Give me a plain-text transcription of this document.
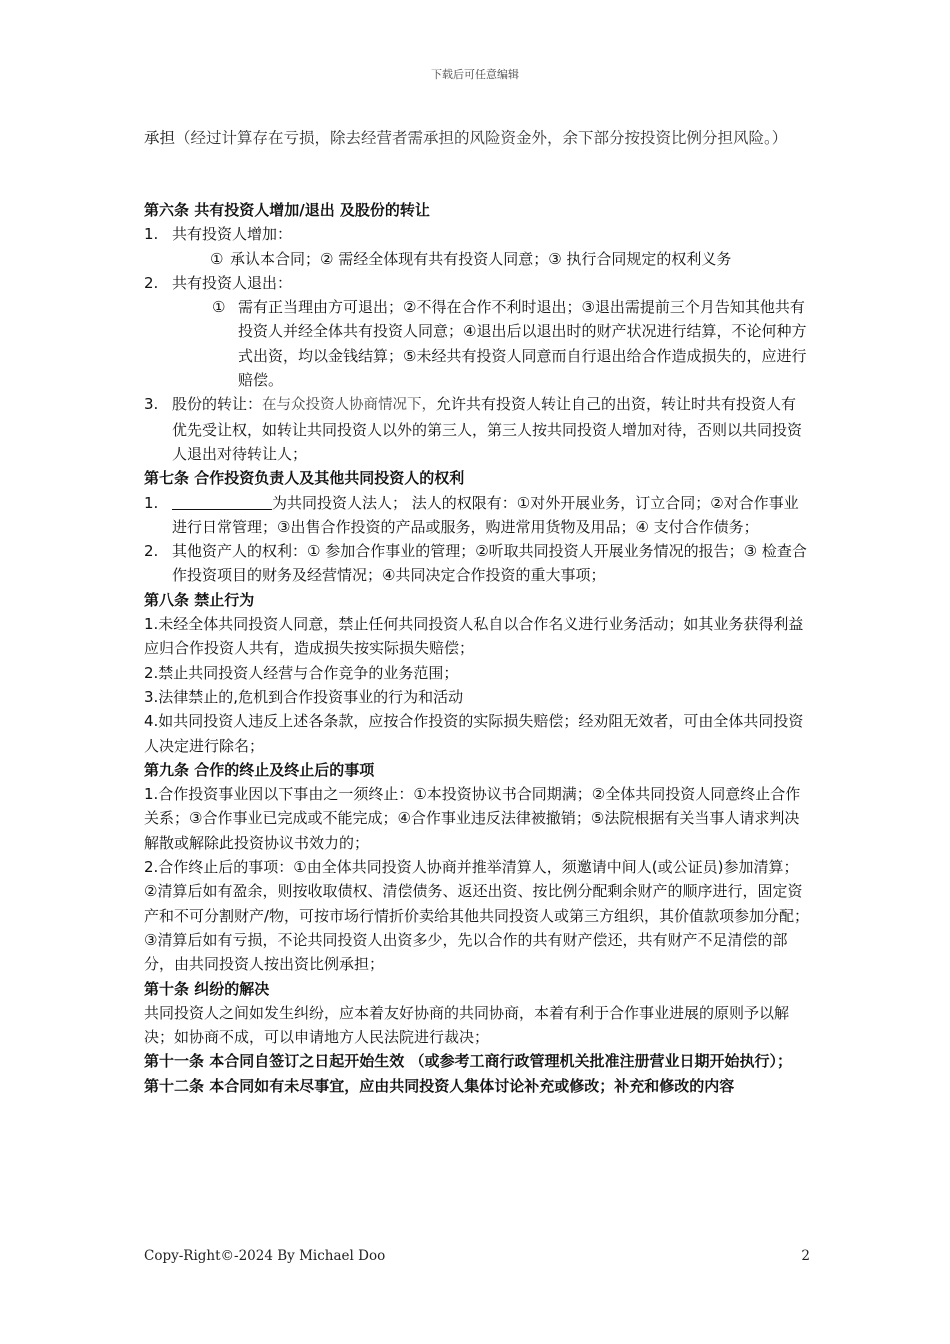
下载后可任意编辑

承担（经过计算存在亏损，除去经营者需承担的风险资金外，余下部分按投资比例分担风险。）

第六条 共有投资人增加/退出 及股份的转让

1. 共有投资人增加：

① 承认本合同；② 需经全体现有共有投资人同意；③ 执行合同规定的权利义务

2. 共有投资人退出：

① 需有正当理由方可退出；②不得在合作不利时退出；③退出需提前三个月告知其他共有投资人并经全体共有投资人同意；④退出后以退出时的财产状况进行结算，不论何种方式出资，均以金钱结算；⑤未经共有投资人同意而自行退出给合作造成损失的，应进行赔偿。

3. 股份的转让：在与众投资人协商情况下，允许共有投资人转让自己的出资，转让时共有投资人有优先受让权，如转让共同投资人以外的第三人，第三人按共同投资人增加对待，否则以共同投资人退出对待转让人；

第七条 合作投资负责人及其他共同投资人的权利

1.	为共同投资人法人； 法人的权限有：①对外开展业务，订立合同；②对合作事业进行日常管理；③出售合作投资的产品或服务，购进常用货物及用品；④ 支付合作债务；

2. 其他资产人的权利：① 参加合作事业的管理；②听取共同投资人开展业务情况的报告；③ 检查合作投资项目的财务及经营情况；④共同决定合作投资的重大事项；

第八条 禁止行为

1.未经全体共同投资人同意，禁止任何共同投资人私自以合作名义进行业务活动；如其业务获得利益应归合作投资人共有，造成损失按实际损失赔偿；

2.禁止共同投资人经营与合作竞争的业务范围；

3.法律禁止的,危机到合作投资事业的行为和活动

4.如共同投资人违反上述各条款，应按合作投资的实际损失赔偿；经劝阻无效者，可由全体共同投资人决定进行除名；

第九条 合作的终止及终止后的事项

1.合作投资事业因以下事由之一须终止：①本投资协议书合同期满；②全体共同投资人同意终止合作关系；③合作事业已完成或不能完成；④合作事业违反法律被撤销；⑤法院根据有关当事人请求判决解散或解除此投资协议书效力的；

2.合作终止后的事项：①由全体共同投资人协商并推举清算人，须邀请中间人(或公证员)参加清算；②清算后如有盈余，则按收取债权、清偿债务、返还出资、按比例分配剩余财产的顺序进行，固定资产和不可分割财产/物，可按市场行情折价卖给其他共同投资人或第三方组织，其价值款项参加分配；③清算后如有亏损，不论共同投资人出资多少，先以合作的共有财产偿还，共有财产不足清偿的部分，由共同投资人按出资比例承担；

第十条 纠纷的解决

共同投资人之间如发生纠纷，应本着友好协商的共同协商，本着有利于合作事业进展的原则予以解决；如协商不成，可以申请地方人民法院进行裁决；

第十一条 本合同自签订之日起开始生效 （或参考工商行政管理机关批准注册营业日期开始执行）；

第十二条 本合同如有未尽事宜，应由共同投资人集体讨论补充或修改；补充和修改的内容

Copy-Right©-2024 By Michael Doo	2
